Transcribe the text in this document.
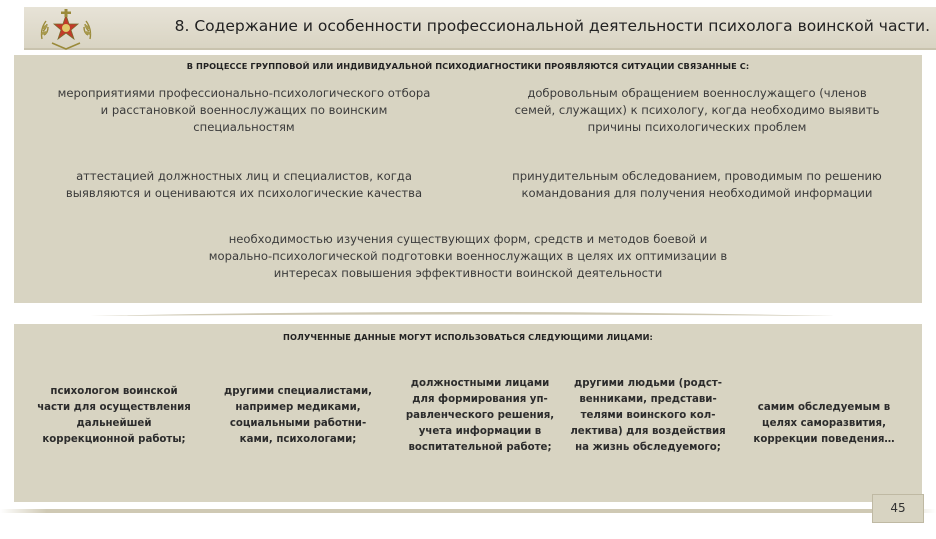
8. Содержание и особенности профессиональной деятельности психолога воинской части.
В ПРОЦЕССЕ ГРУППОВОЙ ИЛИ ИНДИВИДУАЛЬНОЙ ПСИХОДИАГНОСТИКИ ПРОЯВЛЯЮТСЯ СИТУАЦИИ СВЯЗАННЫЕ С:
мероприятиями профессионально-психологического отбора
и расстановкой военнослужащих по воинским
специальностям
добровольным обращением военнослужащего (членов
семей, служащих) к психологу, когда необходимо выявить
причины психологических проблем
аттестацией должностных лиц и специалистов, когда
выявляются и оцениваются их психологические качества
принудительным обследованием, проводимым по решению
командования для получения необходимой информации
необходимостью изучения существующих форм, средств и методов боевой и
морально-психологической подготовки военнослужащих в целях их оптимизации в
интересах повышения эффективности воинской деятельности
ПОЛУЧЕННЫЕ ДАННЫЕ МОГУТ ИСПОЛЬЗОВАТЬСЯ СЛЕДУЮЩИМИ ЛИЦАМИ:
психологом воинской
части для осуществления
дальнейшей
коррекционной работы;
другими специалистами,
например медиками,
социальными работни-
ками, психологами;
должностными лицами
для формирования уп-
равленческого решения,
учета информации в
воспитательной работе;
другими людьми (родст-
венниками, представи-
телями воинского кол-
лектива) для воздействия
на жизнь обследуемого;
самим обследуемым в
целях саморазвития,
коррекции поведения…
45
